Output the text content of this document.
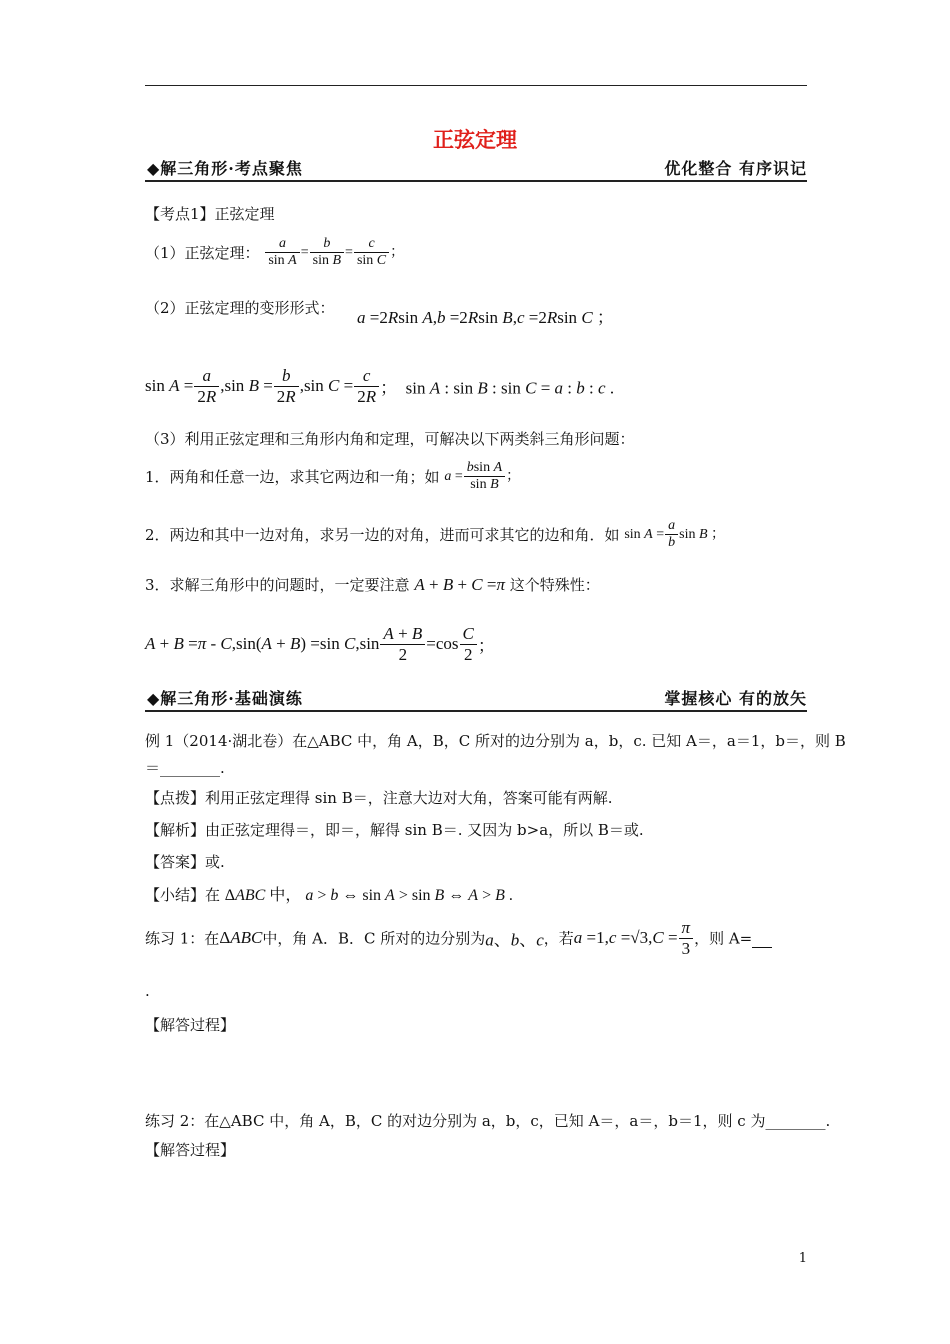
正弦定理
◆解三角形·考点聚焦	优化整合 有序识记
【考点1】正弦定理
（1）正弦定理： $\frac{a}{\text{sin A}} = \frac{b}{\text{sin B}} = \frac{c}{\text{sin C}}$ ；
（2）正弦定理的变形形式： a =2Rsin A,b =2Rsin B,c =2Rsin C ；
$\sin A = \frac{a}{2R} ,\sin$ $B = \frac{b}{2R} ,\sin$ $C = \frac{c}{2R}$ ；  sin A : sin B : sin C = a : b : c .
（3）利用正弦定理和三角形内角和定理，可解决以下两类斜三角形问题：
1．两角和任意一边，求其它两边和一角；如 $a = \frac{\text{bsin A}}{\text{sin B}}$ ；
2．两边和其中一边对角，求另一边的对角，进而可求其它的边和角．如 $\sin A = \frac{a}{b}$ sin B ；
3．求解三角形中的问题时，一定要注意 A + B + C =π 这个特殊性：
A + B =π - C,sin(A + B) =sin $C,\sin \frac{A + B}{2} =\cos \frac{C}{2}$ ；
◆解三角形·基础演练	掌握核心 有的放矢
例 1（2014·湖北卷）在△ABC 中，角 A，B，C 所对的边分别为 a，b，c. 已知 A＝，a＝1，b＝，则 B
＝________.
【点拨】利用正弦定理得 sin B＝，注意大边对大角，答案可能有两解.
【解析】由正弦定理得＝，即＝，解得 sin B＝. 又因为 b>a，所以 B＝或.
【答案】或.
【小结】在 ΔABC 中， a > b ⇔ sin A > sin B ⇔ A > B .
练习 1：在ΔABC中，角 A．B．C 所对的边分别为a、b、c，若$a =1,c =√3,C = \frac{\pi}{3}$ ，则 A=
.
【解答过程】
练习 2：在△ABC 中，角 A，B，C 的对边分别为 a，b，c，已知 A＝，a＝，b＝1，则 c 为________.
【解答过程】
1
